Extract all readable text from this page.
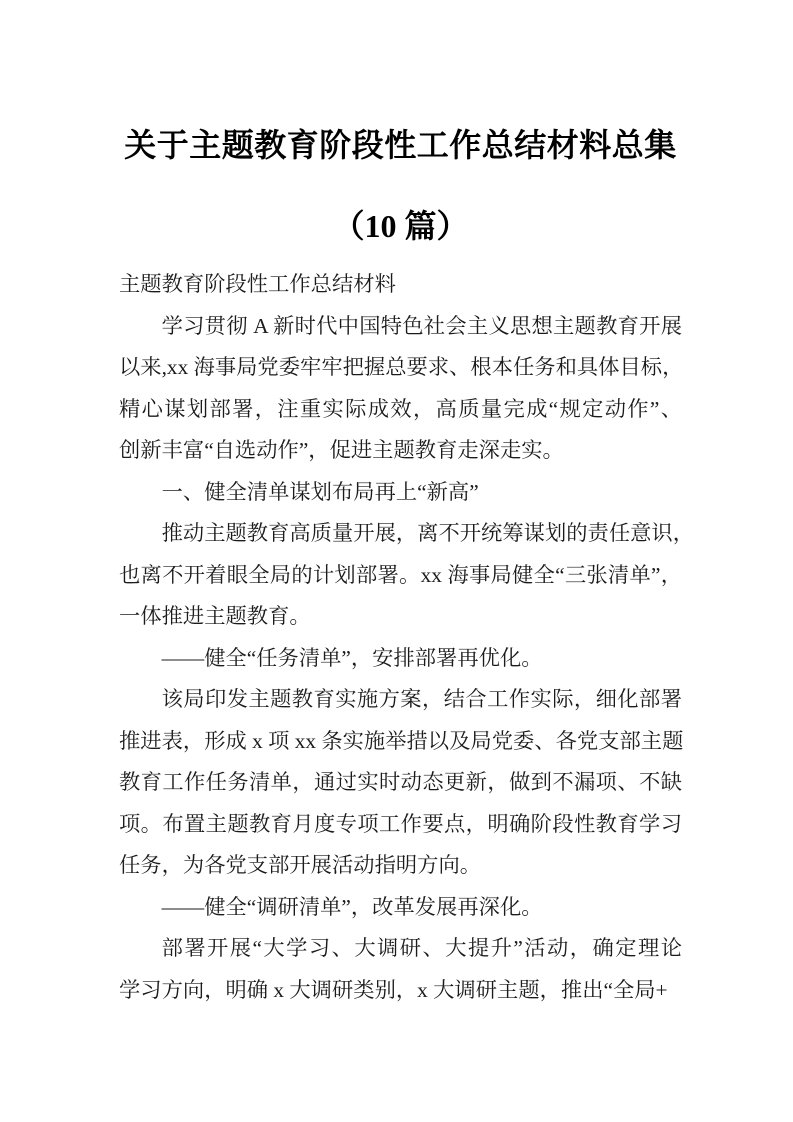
关于主题教育阶段性工作总结材料总集
（10 篇）
主题教育阶段性工作总结材料
学习贯彻 A 新时代中国特色社会主义思想主题教育开展
以来,xx 海事局党委牢牢把握总要求、根本任务和具体目标，
精心谋划部署，注重实际成效，高质量完成“规定动作”、
创新丰富“自选动作”，促进主题教育走深走实。
一、健全清单谋划布局再上“新高”
推动主题教育高质量开展，离不开统筹谋划的责任意识，
也离不开着眼全局的计划部署。xx 海事局健全“三张清单”，
一体推进主题教育。
——健全“任务清单”，安排部署再优化。
该局印发主题教育实施方案，结合工作实际，细化部署
推进表，形成 x 项 xx 条实施举措以及局党委、各党支部主题
教育工作任务清单，通过实时动态更新，做到不漏项、不缺
项。布置主题教育月度专项工作要点，明确阶段性教育学习
任务，为各党支部开展活动指明方向。
——健全“调研清单”，改革发展再深化。
部署开展“大学习、大调研、大提升”活动，确定理论
学习方向，明确 x 大调研类别，x 大调研主题，推出“全局+
